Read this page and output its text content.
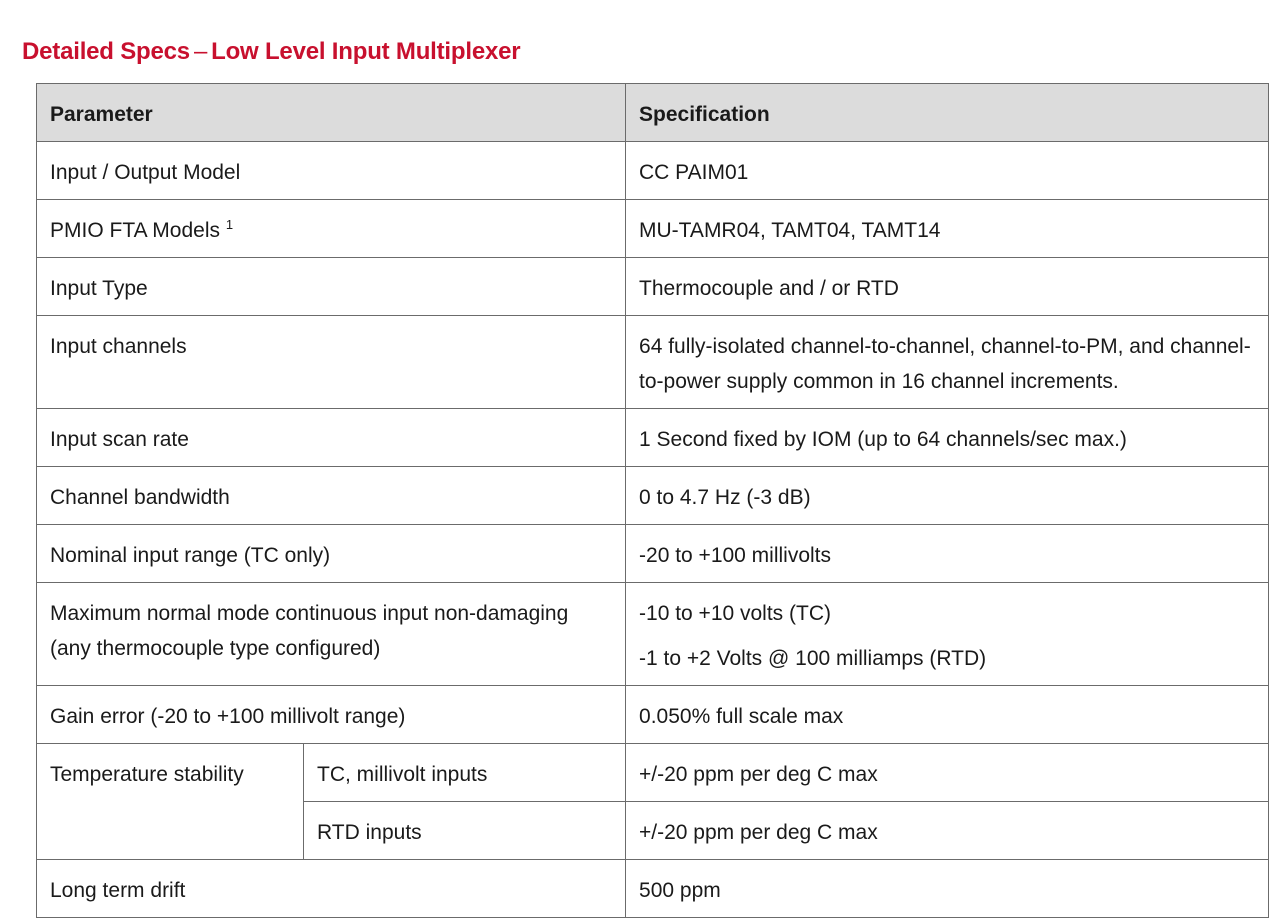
Detailed Specs – Low Level Input Multiplexer
Parameter		Specification
Input / Output Model		CC PAIM01
PMIO FTA Models $^1$		MU-TAMR04, TAMT04, TAMT14
Input Type		Thermocouple and / or RTD
Input channels		64 fully-isolated channel-to-channel, channel-to-PM, and channel-to-power supply common in 16 channel increments.
Input scan rate		1 Second fixed by IOM (up to 64 channels/sec max.)
Channel bandwidth		0 to 4.7 Hz (-3 dB)
Nominal input range (TC only)		-20 to +100 millivolts
Maximum normal mode continuous input non-damaging (any thermocouple type configured)		-10 to +10 volts (TC)
-1 to +2 Volts @ 100 milliamps (RTD)

Gain error (-20 to +100 millivolt range)		0.050% full scale max
Temperature stability	TC, millivolt inputs	+/-20 ppm per deg C max
	RTD inputs	+/-20 ppm per deg C max
Long term drift		500 ppm
